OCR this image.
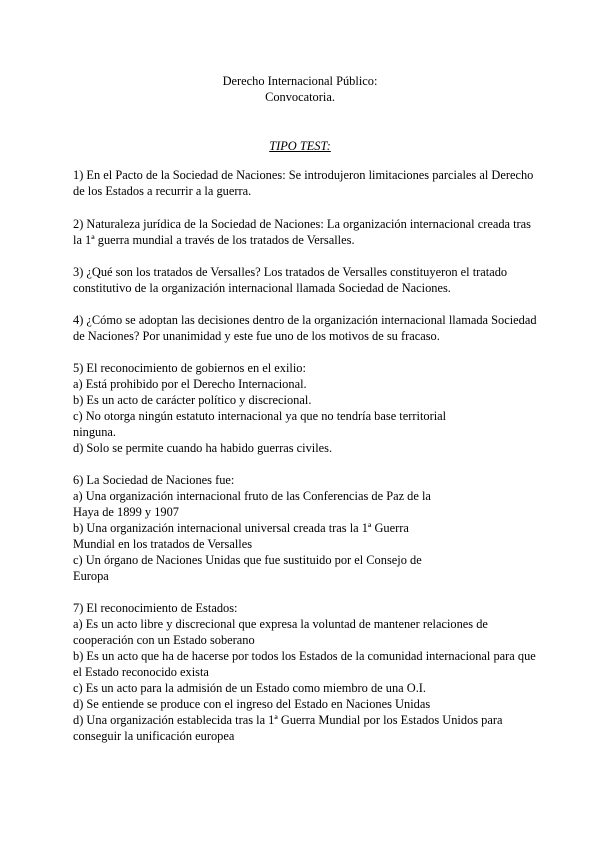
Derecho Internacional Público:
Convocatoria.
TIPO TEST:
1) En el Pacto de la Sociedad de Naciones: Se introdujeron limitaciones parciales al Derecho
de los Estados a recurrir a la guerra.
2) Naturaleza jurídica de la Sociedad de Naciones: La organización internacional creada tras
la 1ª guerra mundial a través de los tratados de Versalles.
3) ¿Qué son los tratados de Versalles? Los tratados de Versalles constituyeron el tratado
constitutivo de la organización internacional llamada Sociedad de Naciones.
4) ¿Cómo se adoptan las decisiones dentro de la organización internacional llamada Sociedad
de Naciones? Por unanimidad y este fue uno de los motivos de su fracaso.
5) El reconocimiento de gobiernos en el exilio:
a) Está prohibido por el Derecho Internacional.
b) Es un acto de carácter político y discrecional.
c) No otorga ningún estatuto internacional ya que no tendría base territorial
ninguna.
d) Solo se permite cuando ha habido guerras civiles.
6) La Sociedad de Naciones fue:
a) Una organización internacional fruto de las Conferencias de Paz de la
Haya de 1899 y 1907
b) Una organización internacional universal creada tras la 1ª Guerra
Mundial en los tratados de Versalles
c) Un órgano de Naciones Unidas que fue sustituido por el Consejo de
Europa
7) El reconocimiento de Estados:
a) Es un acto libre y discrecional que expresa la voluntad de mantener relaciones de
cooperación con un Estado soberano
b) Es un acto que ha de hacerse por todos los Estados de la comunidad internacional para que
el Estado reconocido exista
c) Es un acto para la admisión de un Estado como miembro de una O.I.
d) Se entiende se produce con el ingreso del Estado en Naciones Unidas
d) Una organización establecida tras la 1ª Guerra Mundial por los Estados Unidos para
conseguir la unificación europea
